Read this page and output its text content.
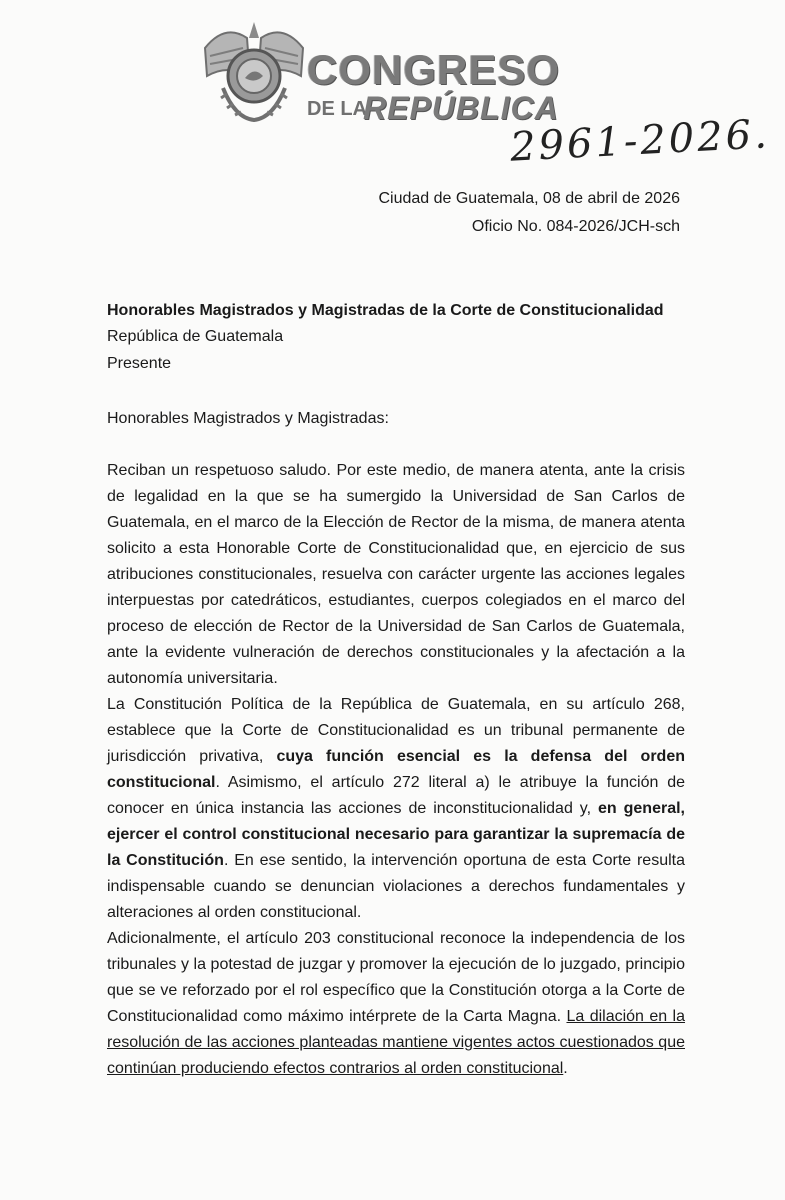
CONGRESO
DE LA
REPÚBLICA
2961-2026.
Ciudad de Guatemala, 08 de abril de 2026
Oficio No. 084-2026/JCH-sch
Honorables Magistrados y Magistradas de la Corte de Constitucionalidad
República de Guatemala
Presente
Honorables Magistrados y Magistradas:

Reciban un respetuoso saludo. Por este medio, de manera atenta, ante la crisis de legalidad en la que se ha sumergido la Universidad de San Carlos de Guatemala, en el marco de la Elección de Rector de la misma, de manera atenta solicito a esta Honorable Corte de Constitucionalidad que, en ejercicio de sus atribuciones constitucionales, resuelva con carácter urgente las acciones legales interpuestas por catedráticos, estudiantes, cuerpos colegiados en el marco del proceso de elección de Rector de la Universidad de San Carlos de Guatemala, ante la evidente vulneración de derechos constitucionales y la afectación a la autonomía universitaria.

La Constitución Política de la República de Guatemala, en su artículo 268, establece que la Corte de Constitucionalidad es un tribunal permanente de jurisdicción privativa, cuya función esencial es la defensa del orden constitucional. Asimismo, el artículo 272 literal a) le atribuye la función de conocer en única instancia las acciones de inconstitucionalidad y, en general, ejercer el control constitucional necesario para garantizar la supremacía de la Constitución. En ese sentido, la intervención oportuna de esta Corte resulta indispensable cuando se denuncian violaciones a derechos fundamentales y alteraciones al orden constitucional.

Adicionalmente, el artículo 203 constitucional reconoce la independencia de los tribunales y la potestad de juzgar y promover la ejecución de lo juzgado, principio que se ve reforzado por el rol específico que la Constitución otorga a la Corte de Constitucionalidad como máximo intérprete de la Carta Magna. La dilación en la resolución de las acciones planteadas mantiene vigentes actos cuestionados que continúan produciendo efectos contrarios al orden constitucional.
